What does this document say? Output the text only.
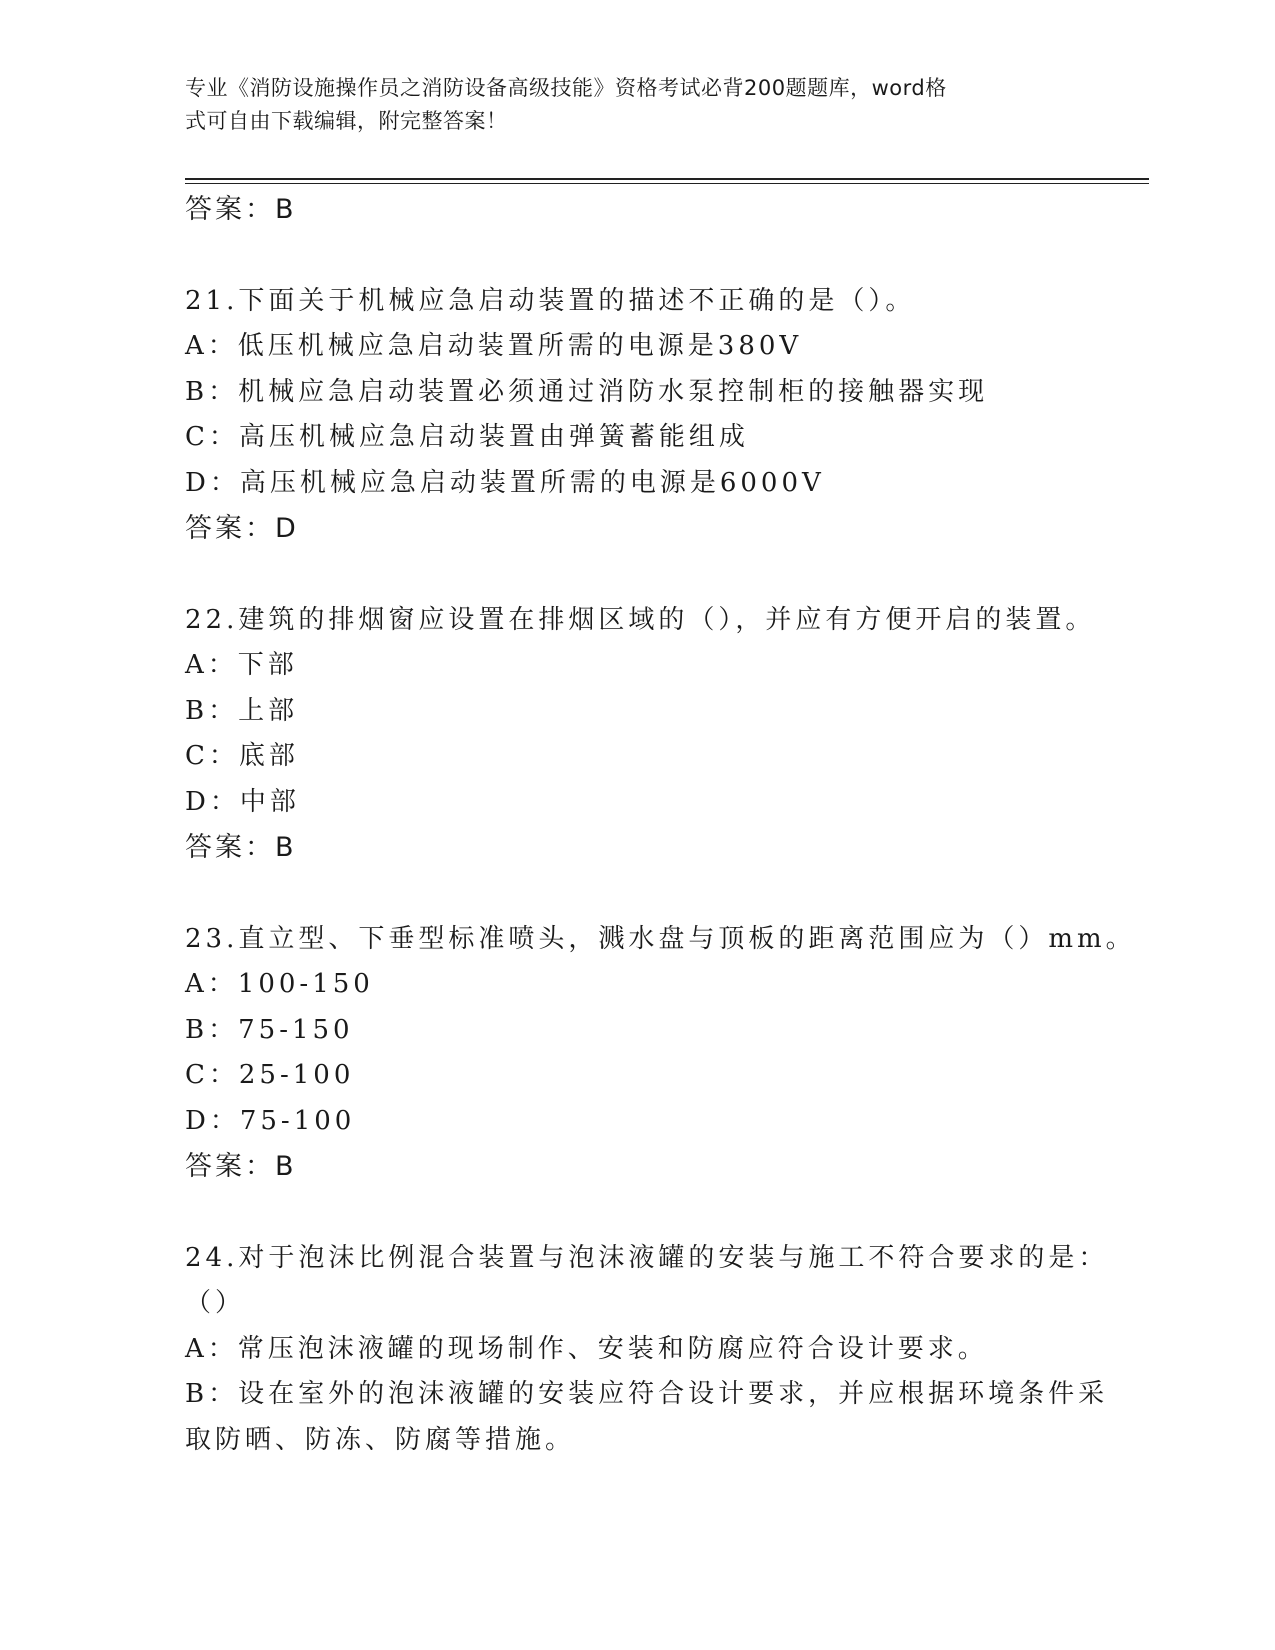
专业《消防设施操作员之消防设备高级技能》资格考试必背200题题库，word格
式可自由下载编辑，附完整答案！
答案：B
21.下面关于机械应急启动装置的描述不正确的是（）。
A：低压机械应急启动装置所需的电源是380V
B：机械应急启动装置必须通过消防水泵控制柜的接触器实现
C：高压机械应急启动装置由弹簧蓄能组成
D：高压机械应急启动装置所需的电源是6000V
答案：D
22.建筑的排烟窗应设置在排烟区域的（），并应有方便开启的装置。
A：下部
B：上部
C：底部
D：中部
答案：B
23.直立型、下垂型标准喷头，溅水盘与顶板的距离范围应为（）mm。
A：100-150
B：75-150
C：25-100
D：75-100
答案：B
24.对于泡沫比例混合装置与泡沫液罐的安装与施工不符合要求的是：
（）
A：常压泡沫液罐的现场制作、安装和防腐应符合设计要求。
B：设在室外的泡沫液罐的安装应符合设计要求，并应根据环境条件采
取防晒、防冻、防腐等措施。
